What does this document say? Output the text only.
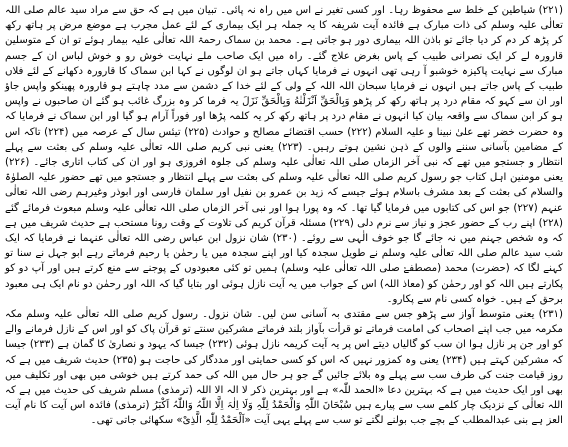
(۲۲۱) شیاطین کے خلط سے محفوظ رہا۔ اور کسی تغیر نے اس میں راہ نہ پائی۔ تبیان میں ہے کہ حق سے مراد سید عالم صلی اللہ تعالٰی علیہ وسلم کی ذات مبارک ہے فائدہ آیت شریفہ کا یہ جملہ ہر ایک بیماری کے لئے عمل مجرب ہے موضع مرض پر ہاتھ رکھ کر پڑھ کر دم کر دیا جائے تو باذن اللہ بیماری دور ہو جاتی ہے۔ محمد بن سماک رحمۃ اللہ تعالٰی علیہ بیمار ہوئے تو ان کے متوسلین قارورہ لے کر ایک نصرانی طبیب کے پاس بغرض علاج گئے۔ راہ میں ایک صاحب ملے نہایت خوش رو و خوش لباس ان کے جسم مبارک سے نہایت پاکیزہ خوشبو آ رہی تھی انہوں نے فرمایا کہاں جاتے ہو ان لوگوں نے کہا ابن سماک کا قارورہ دکھانے کے لئے فلاں طبیب کے پاس جاتے ہیں انہوں نے فرمایا سبحان اللہ اللہ کے ولی کے لئے خدا کے دشمن سے مدد چاہتے ہو قارورہ پھینکو واپس جاؤ اور ان سے کہو کہ مقام درد پر ہاتھ رکھ کر پڑھو وَبِالْحَقِّ اَنْزَلْنٰهُ وَبِالْحَقِّ نَزَلَ یہ فرما کر وہ بزرگ غائب ہو گئے ان صاحبوں نے واپس ہو کر ابن سماک سے واقعہ بیان کیا انہوں نے مقام درد پر ہاتھ رکھ کر یہ کلمہ پڑھا اور فوراً آرام ہو گیا اور ابن سماک نے فرمایا کہ وہ حضرت خضر تھے علیٰ نبینا و علیہ السلام (۲۲۲) حسب اقتضائے مصالح و حوادث (۲۲۵) تیئس سال کے عرصہ میں (۲۲۴) تاکہ اس کے مضامین بآسانی سننے والوں کے ذہن نشین ہوتے رہیں۔ (۲۲۳) یعنی نبی کریم صلی اللہ تعالٰی علیہ وسلم کی بعثت سے پہلے انتظار و جستجو میں تھے کہ نبی آخر الزماں صلی اللہ تعالٰی علیہ وسلم کی جلوہ افروزی ہو اور ان کی کتاب اتاری جائے۔ (۲۲۶) یعنی مومنین اہل کتاب جو رسول کریم صلی اللہ تعالٰی علیہ وسلم کی بعثت سے پہلے انتظار و جستجو میں تھے حضور علیہ الصلوٰۃ والسلام کی بعثت کے بعد مشرف باسلام ہوئے جیسے کہ زید بن عمرو بن نفیل اور سلمان فارسی اور ابوذر وغیرہم رضی اللہ تعالٰی عنہم (۲۲۷) جو اس کی کتابوں میں فرمایا گیا تھا۔ کہ وہ پورا ہوا اور نبی آخر الزماں صلی اللہ تعالٰی علیہ وسلم مبعوث فرمائے گئے (۲۲۸) اپنے رب کے حضور عجز و نیاز سے نرم دلی (۲۲۹) مسئلہ قرآن کریم کی تلاوت کے وقت رونا مستحب ہے حدیث شریف میں ہے کہ وہ شخص جہنم میں نہ جائے گا جو خوف الٰہی سے روئے۔ (۲۳۰) شان نزول ابن عباس رضی اللہ تعالٰی عنہما نے فرمایا کہ ایک شب سید عالم صلی اللہ تعالٰی علیہ وسلم نے طویل سجدہ کیا اور اپنے سجدہ میں یا رحمٰن یا رحیم فرماتے رہے ابو جہل نے سنا تو کہنے لگا کہ (حضرت) محمد (مصطفےٰ صلی اللہ تعالٰی علیہ وسلم) ہمیں تو کئی معبودوں کے پوجنے سے منع کرتے ہیں اور آپ دو کو پکارتے ہیں اللہ کو اور رحمٰن کو (معاذ اللہ) اس کے جواب میں یہ آیت نازل ہوئی اور بتایا گیا کہ اللہ اور رحمٰن دو نام ایک ہی معبود برحق کے ہیں۔ خواہ کسی نام سے پکارو۔

(۲۳۱) یعنی متوسط آواز سے پڑھو جس سے مقتدی بہ آسانی سن لیں۔ شان نزول۔ رسول کریم صلی اللہ تعالٰی علیہ وسلم مکہ مکرمہ میں جب اپنے اصحاب کی امامت فرماتے تو قرأت بآواز بلند فرماتے مشرکین سنتے تو قرآن پاک کو اور اس کے نازل فرمانے والے کو اور جن پر نازل ہوا ان سب کو گالیاں دیتے اس پر یہ آیت کریمہ نازل ہوئی (۲۳۲) جیسا کہ یہود و نصاریٰ کا گمان ہے (۲۳۳) جیسا کہ مشرکین کہتے ہیں (۲۳۴) یعنی وہ کمزور نہیں کہ اس کو کسی حمایتی اور مددگار کی حاجت ہو (۲۳۵) حدیث شریف میں ہے کہ روز قیامت جنت کی طرف سب سے پہلے وہ بلائے جائیں گے جو ہر حال میں اللہ کی حمد کرتے ہیں خوشی میں بھی اور تکلیف میں بھی اور ایک حدیث میں ہے کہ بہترین دعا «الحمد للّٰہ» ہے اور بہترین ذکر لا الہ الا اللہ (ترمذی) مسلم شریف کی حدیث میں ہے کہ اللہ تعالٰی کے نزدیک چار کلمے سب سے پیارے ہیں سُبْحَانَ اللّٰہِ وَالْحَمْدُ لِلّٰہِ وَلَا اِلٰہَ اِلَّا اللّٰہُ وَاللّٰہُ اَکْبَرُ (ترمذی) فائدہ اس آیت کا نام آیت العز ہے بنی عبدالمطلب کے بچے جب بولنے لگتے تو سب سے پہلے یہی آیت «اَلْحَمْدُ لِلّٰہِ الَّذِیْ» سکھائی جاتی تھی۔
